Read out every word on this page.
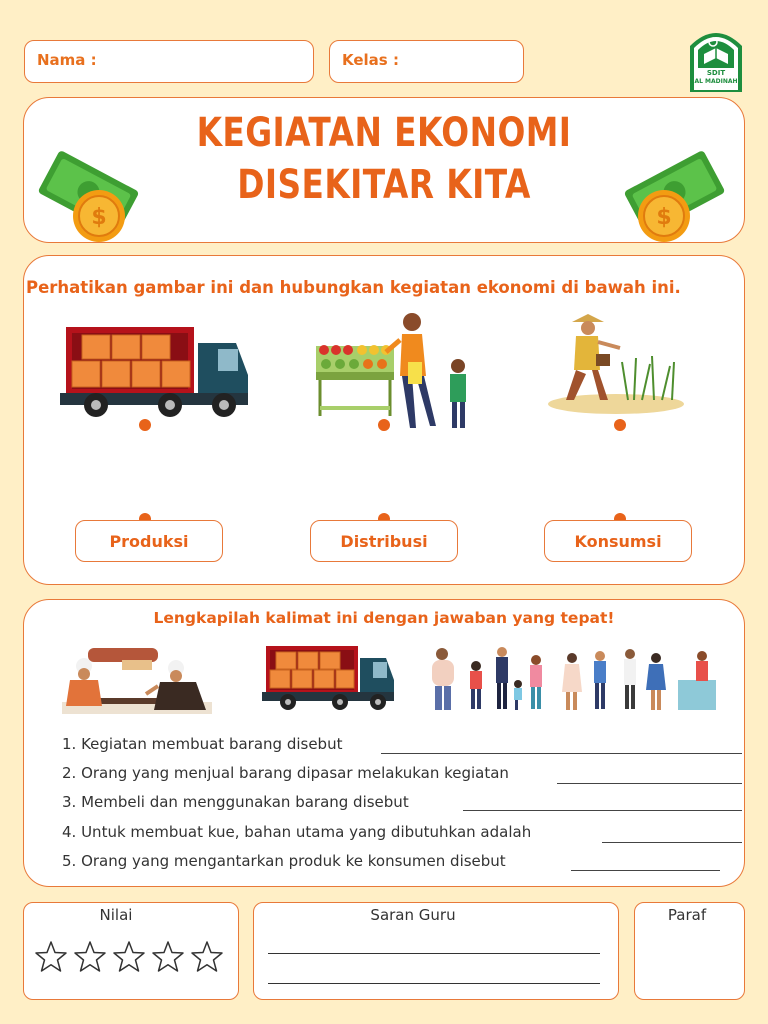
Nama :	Kelas :
SDIT
AL MADINAH
KEGIATAN EKONOMI
DISEKITAR KITA
$	$
Perhatikan gambar ini dan hubungkan kegiatan ekonomi di bawah ini.
Produksi	Distribusi	Konsumsi
Lengkapilah kalimat ini dengan jawaban yang tepat!
1. Kegiatan membuat barang disebut
2. Orang yang menjual barang dipasar melakukan kegiatan
3. Membeli dan menggunakan barang disebut
4. Untuk membuat kue, bahan utama yang dibutuhkan adalah
5. Orang yang mengantarkan produk ke konsumen disebut
Nilai	Saran Guru	Paraf
